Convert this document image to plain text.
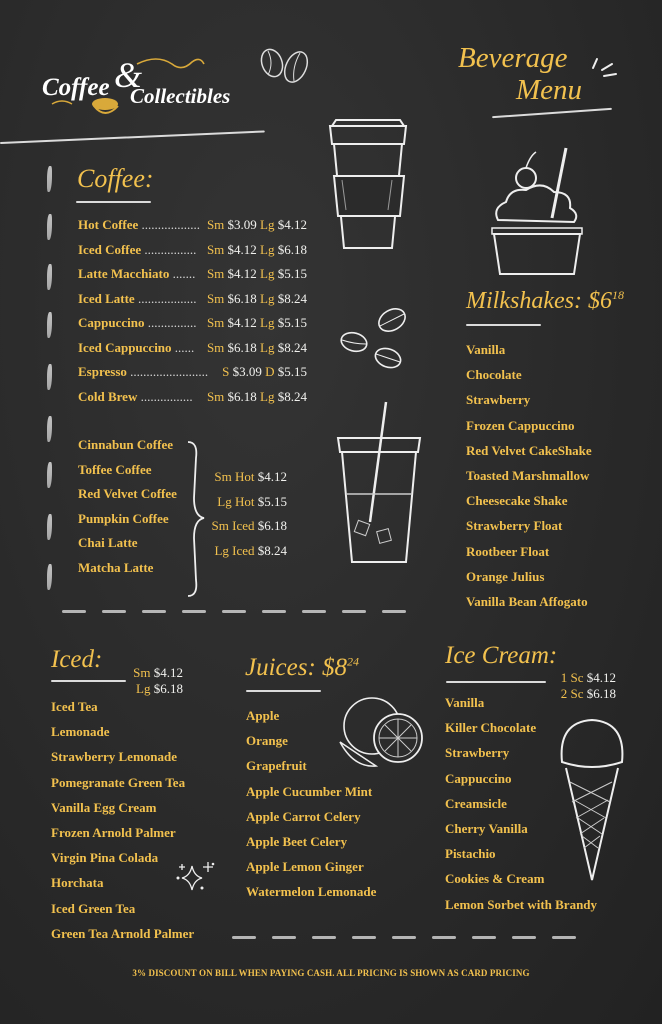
Coffee &
Collectibles
Beverage
Menu
Coffee:
Hot Coffee .................. Sm $3.09 Lg $4.12
Iced Coffee ................ Sm $4.12 Lg $6.18
Latte Macchiato ....... Sm $4.12 Lg $5.15
Iced Latte .................. Sm $6.18 Lg $8.24
Cappuccino ............... Sm $4.12 Lg $5.15
Iced Cappuccino ...... Sm $6.18 Lg $8.24
Espresso ........................ S $3.09 D $5.15
Cold Brew ................ Sm $6.18 Lg $8.24
Cinnabun Coffee
Toffee Coffee
Red Velvet Coffee
Pumpkin Coffee
Chai Latte
Matcha Latte
Sm Hot $4.12
Lg Hot $5.15
Sm Iced $6.18
Lg Iced $8.24
Milkshakes: $\$6^{18}$
Vanilla
Chocolate
Strawberry
Frozen Cappuccino
Red Velvet CakeShake
Toasted Marshmallow
Cheesecake Shake
Strawberry Float
Rootbeer Float
Orange Julius
Vanilla Bean Affogato
Iced: Sm $4.12
Lg $6.18
Iced Tea
Lemonade
Strawberry Lemonade
Pomegranate Green Tea
Vanilla Egg Cream
Frozen Arnold Palmer
Virgin Pina Colada
Horchata
Iced Green Tea
Green Tea Arnold Palmer
Juices: $\$8^{24}$
Apple
Orange
Grapefruit
Apple Cucumber Mint
Apple Carrot Celery
Apple Beet Celery
Apple Lemon Ginger
Watermelon Lemonade
Ice Cream:
1 Sc $4.12
2 Sc $6.18
Vanilla
Killer Chocolate
Strawberry
Cappuccino
Creamsicle
Cherry Vanilla
Pistachio
Cookies & Cream
Lemon Sorbet with Brandy
3% DISCOUNT ON BILL WHEN PAYING CASH. ALL PRICING IS SHOWN AS CARD PRICING
